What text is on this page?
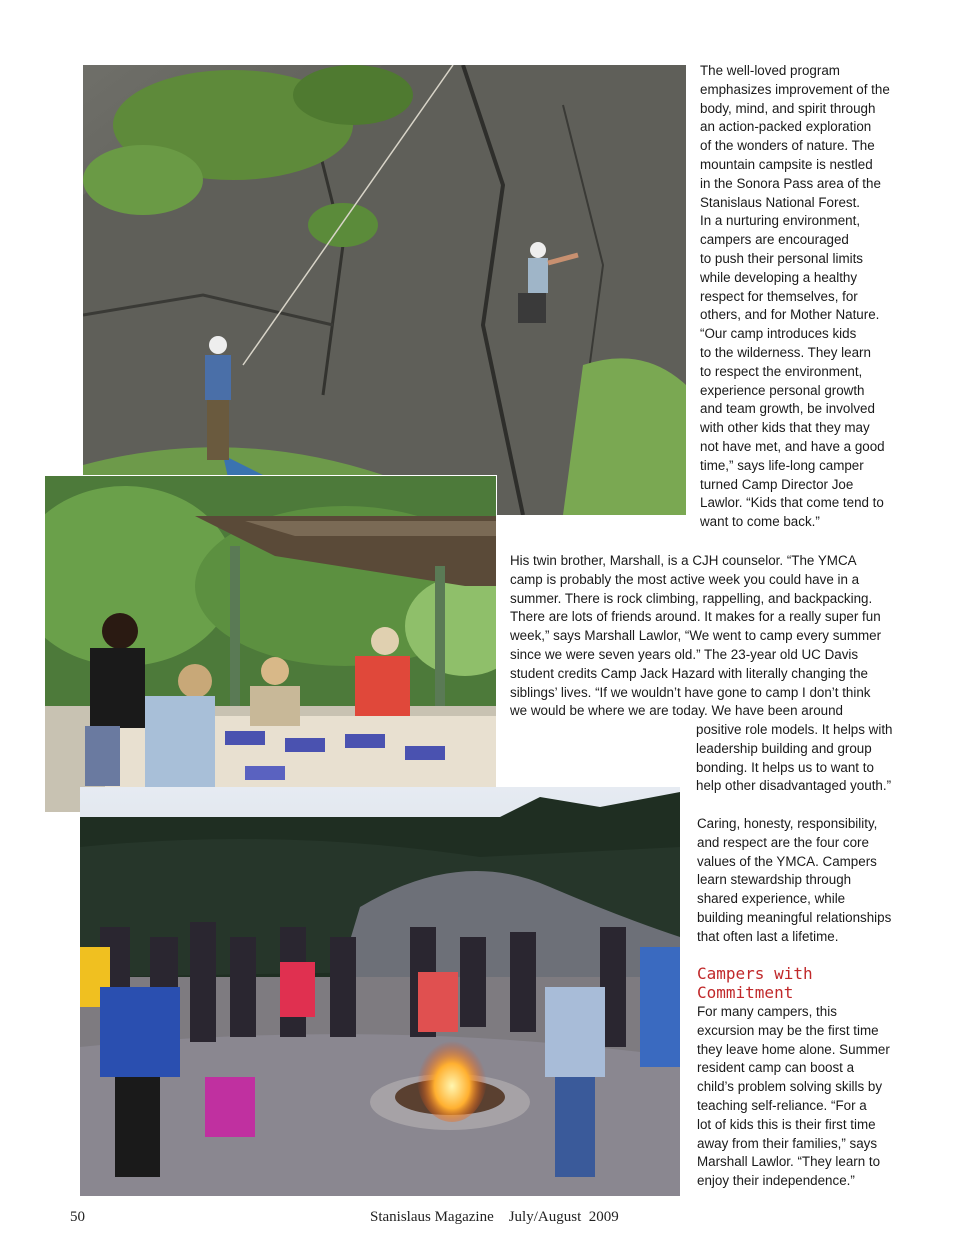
The well-loved program
emphasizes improvement of the
body, mind, and spirit through
an action-packed exploration
of the wonders of nature. The
mountain campsite is nestled
in the Sonora Pass area of the
Stanislaus National Forest.
In a nurturing environment,
campers are encouraged
to push their personal limits
while developing a healthy
respect for themselves, for
others, and for Mother Nature.
“Our camp introduces kids
to the wilderness. They learn
to respect the environment,
experience personal growth
and team growth, be involved
with other kids that they may
not have met, and have a good
time,” says life-long camper
turned Camp Director Joe
Lawlor. “Kids that come tend to
want to come back.”

His twin brother, Marshall, is a CJH counselor. “The YMCA
camp is probably the most active week you could have in a
summer. There is rock climbing, rappelling, and backpacking.
There are lots of friends around. It makes for a really super fun
week,” says Marshall Lawlor, “We went to camp every summer
since we were seven years old.” The 23-year old UC Davis
student credits Camp Jack Hazard with literally changing the
siblings’ lives. “If we wouldn’t have gone to camp I don’t think
we would be where we are today. We have been around

positive role models. It helps with
leadership building and group
bonding. It helps us to want to
help other disadvantaged youth.”

Caring, honesty, responsibility,
and respect are the four core
values of the YMCA. Campers
learn stewardship through
shared experience, while
building meaningful relationships
that often last a lifetime.

Campers with
Commitment

For many campers, this
excursion may be the first time
they leave home alone. Summer
resident camp can boost a
child’s problem solving skills by
teaching self-reliance. “For a
lot of kids this is their first time
away from their families,” says
Marshall Lawlor. “They learn to
enjoy their independence.”

50	Stanislaus Magazine    July/August  2009
